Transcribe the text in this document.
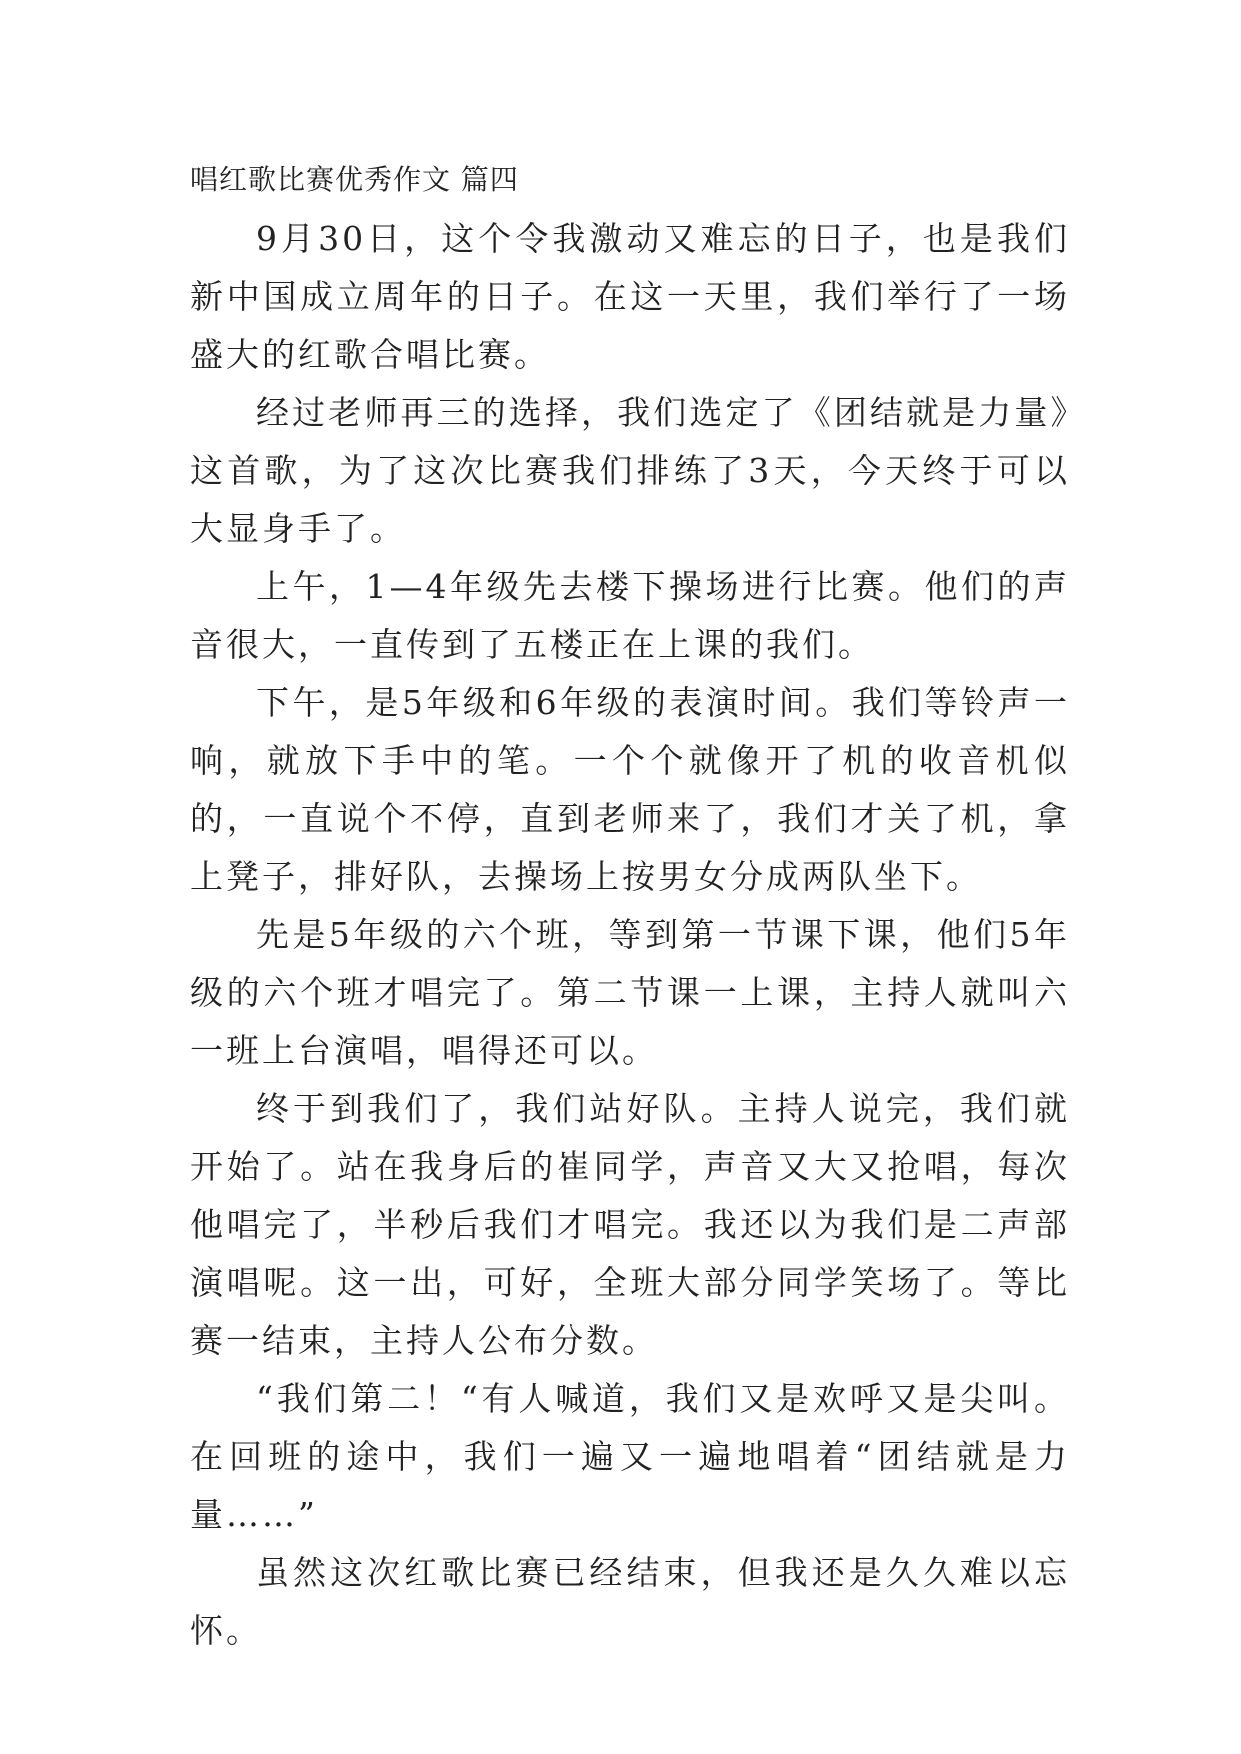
唱红歌比赛优秀作文 篇四

9月30日，这个令我激动又难忘的日子，也是我们新中国成立周年的日子。在这一天里，我们举行了一场盛大的红歌合唱比赛。

经过老师再三的选择，我们选定了《团结就是力量》这首歌，为了这次比赛我们排练了3天，今天终于可以大显身手了。

上午，1—4年级先去楼下操场进行比赛。他们的声音很大，一直传到了五楼正在上课的我们。

下午，是5年级和6年级的表演时间。我们等铃声一响，就放下手中的笔。一个个就像开了机的收音机似的，一直说个不停，直到老师来了，我们才关了机，拿上凳子，排好队，去操场上按男女分成两队坐下。

先是5年级的六个班，等到第一节课下课，他们5年级的六个班才唱完了。第二节课一上课，主持人就叫六一班上台演唱，唱得还可以。

终于到我们了，我们站好队。主持人说完，我们就开始了。站在我身后的崔同学，声音又大又抢唱，每次他唱完了，半秒后我们才唱完。我还以为我们是二声部演唱呢。这一出，可好，全班大部分同学笑场了。等比赛一结束，主持人公布分数。

“我们第二！“有人喊道，我们又是欢呼又是尖叫。在回班的途中，我们一遍又一遍地唱着“团结就是力量……”

虽然这次红歌比赛已经结束，但我还是久久难以忘怀。
